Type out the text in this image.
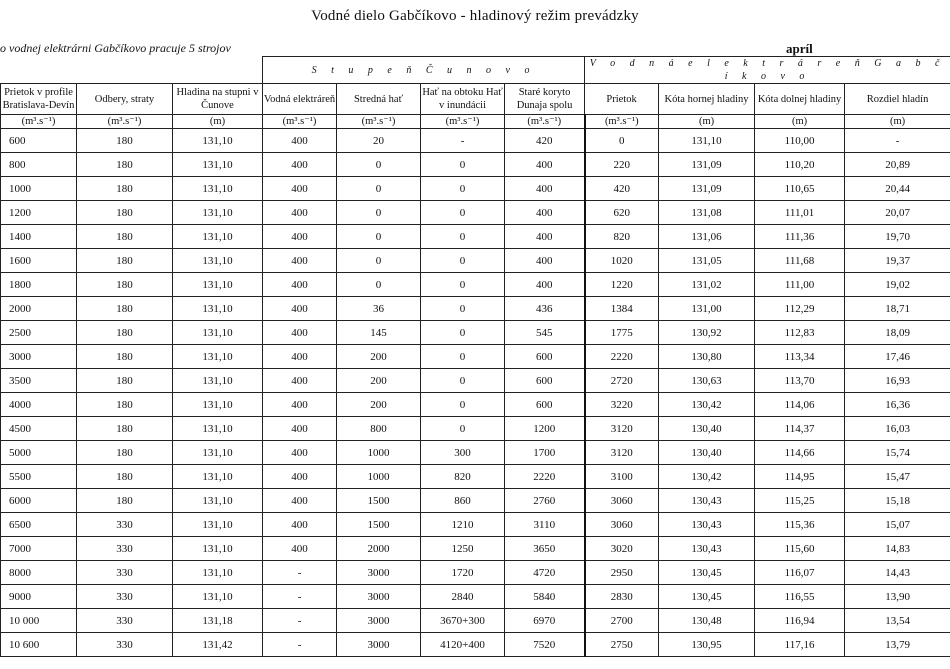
Vodné dielo Gabčíkovo - hladinový režim prevádzky
o vodnej elektrárni Gabčíkovo pracuje 5 strojov	apríl
			S t u p e ň Č u n o v o				V o d n á e l e k t r á r e ň G a b č í k o v o			
Prietok v profile Bratislava-Devín	Odbery, straty	Hladina na stupni v Čunove	Vodná elektráreň	Stredná hať	Hať na obtoku Hať v inundácii	Staré koryto Dunaja spolu	Prietok	Kóta hornej hladiny	Kóta dolnej hladiny	Rozdiel hladín
(m³.s⁻¹)	(m³.s⁻¹)	(m)	(m³.s⁻¹)	(m³.s⁻¹)	(m³.s⁻¹)	(m³.s⁻¹)	(m³.s⁻¹)	(m)	(m)	(m)
600	180	131,10	400	20	-	420	0	131,10	110,00	-
800	180	131,10	400	0	0	400	220	131,09	110,20	20,89
1000	180	131,10	400	0	0	400	420	131,09	110,65	20,44
1200	180	131,10	400	0	0	400	620	131,08	111,01	20,07
1400	180	131,10	400	0	0	400	820	131,06	111,36	19,70
1600	180	131,10	400	0	0	400	1020	131,05	111,68	19,37
1800	180	131,10	400	0	0	400	1220	131,02	111,00	19,02
2000	180	131,10	400	36	0	436	1384	131,00	112,29	18,71
2500	180	131,10	400	145	0	545	1775	130,92	112,83	18,09
3000	180	131,10	400	200	0	600	2220	130,80	113,34	17,46
3500	180	131,10	400	200	0	600	2720	130,63	113,70	16,93
4000	180	131,10	400	200	0	600	3220	130,42	114,06	16,36
4500	180	131,10	400	800	0	1200	3120	130,40	114,37	16,03
5000	180	131,10	400	1000	300	1700	3120	130,40	114,66	15,74
5500	180	131,10	400	1000	820	2220	3100	130,42	114,95	15,47
6000	180	131,10	400	1500	860	2760	3060	130,43	115,25	15,18
6500	330	131,10	400	1500	1210	3110	3060	130,43	115,36	15,07
7000	330	131,10	400	2000	1250	3650	3020	130,43	115,60	14,83
8000	330	131,10	-	3000	1720	4720	2950	130,45	116,07	14,43
9000	330	131,10	-	3000	2840	5840	2830	130,45	116,55	13,90
10 000	330	131,18	-	3000	3670+300	6970	2700	130,48	116,94	13,54
10 600	330	131,42	-	3000	4120+400	7520	2750	130,95	117,16	13,79
